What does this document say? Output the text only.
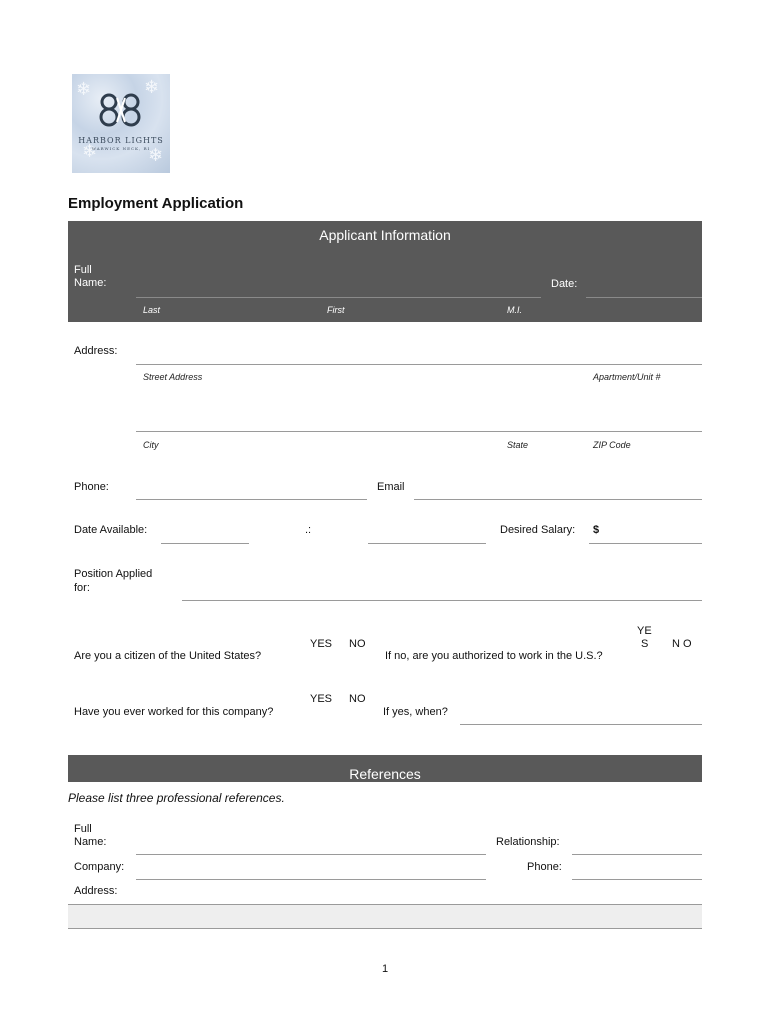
❄	❄
❄	❄
HARBOR LIGHTS
WARWICK NECK, RI
Employment Application
Applicant Information
Full
Name:	Date:
Last	First	M.I.
Address:
Street Address	Apartment/Unit #
City	State	ZIP Code
Phone:	Email
Date Available:	.:	Desired Salary: $
Position Applied
for:
Are you a citizen of the United States?
YES NO
If no, are you authorized to work in the U.S.?
YE
S N O
Have you ever worked for this company?
YES NO
If yes, when?
References
Please list three professional references.
Full
Name:	Relationship:
Company:	Phone:
Address:
1
